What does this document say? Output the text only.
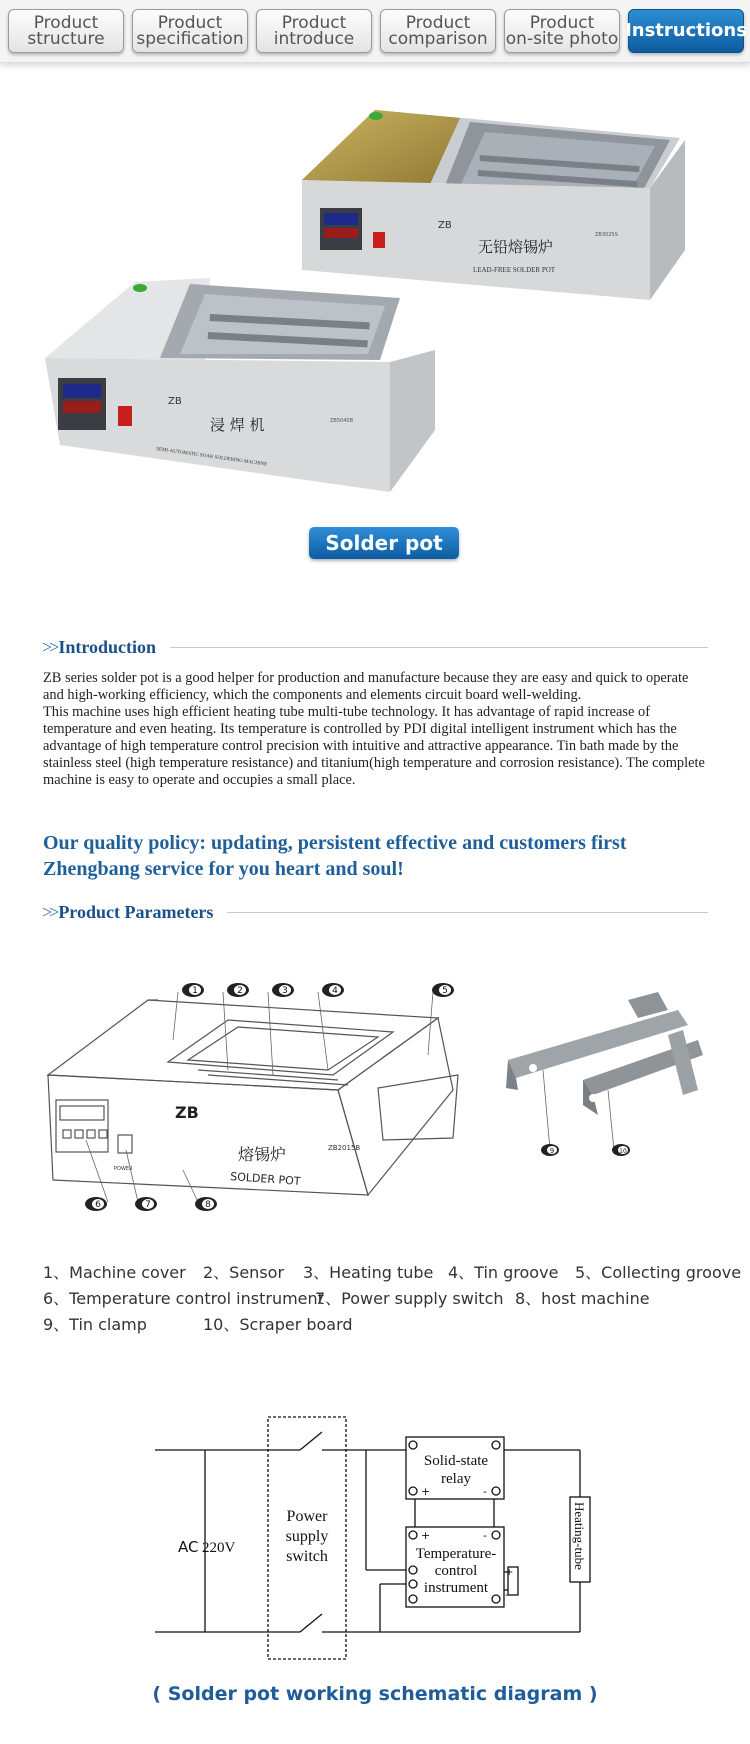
Product
structure
Product
specification
Product
introduce
Product
comparison
Product
on-site photo Instructions
ZB
无铅熔锡炉
LEAD-FREE SOLDER POT
ZB3025S
ZB
浸 焊 机
SEMI-AUTOMATIC SOAK SOLDERING MACHINE
ZB5040B
Solder pot
>> Introduction

ZB series solder pot is a good helper for production and manufacture because they are easy and quick to operate and high-working efficiency, which the components and elements circuit board well-welding.

This machine uses high efficient heating tube multi-tube technology. It has advantage of rapid increase of temperature and even heating. Its temperature is controlled by PDI digital intelligent instrument which has the advantage of high temperature control precision with intuitive and attractive appearance. Tin bath made by the stainless steel (high temperature resistance) and titanium(high temperature and corrosion resistance). The complete machine is easy to operate and occupies a small place.

Our quality policy: updating, persistent effective and customers first

Zhengbang service for you heart and soul!

>> Product Parameters
ZB
熔锡炉
SOLDER POT
ZB2015B
POWER
1	2	3	4	5
6	7	8
9	10
1、Machine cover 2、Sensor 3、Heating tube 4、Tin groove 5、Collecting groove
6、Temperature control instrument
7、Power supply switch 8、host machine
9、Tin clamp	10、Scraper board
AC 220V
Power
supply
switch
Solid-state
relay
+	-
+	-
+
-
Temperature-
control
instrument
Heating-tube
( Solder pot working schematic diagram )
